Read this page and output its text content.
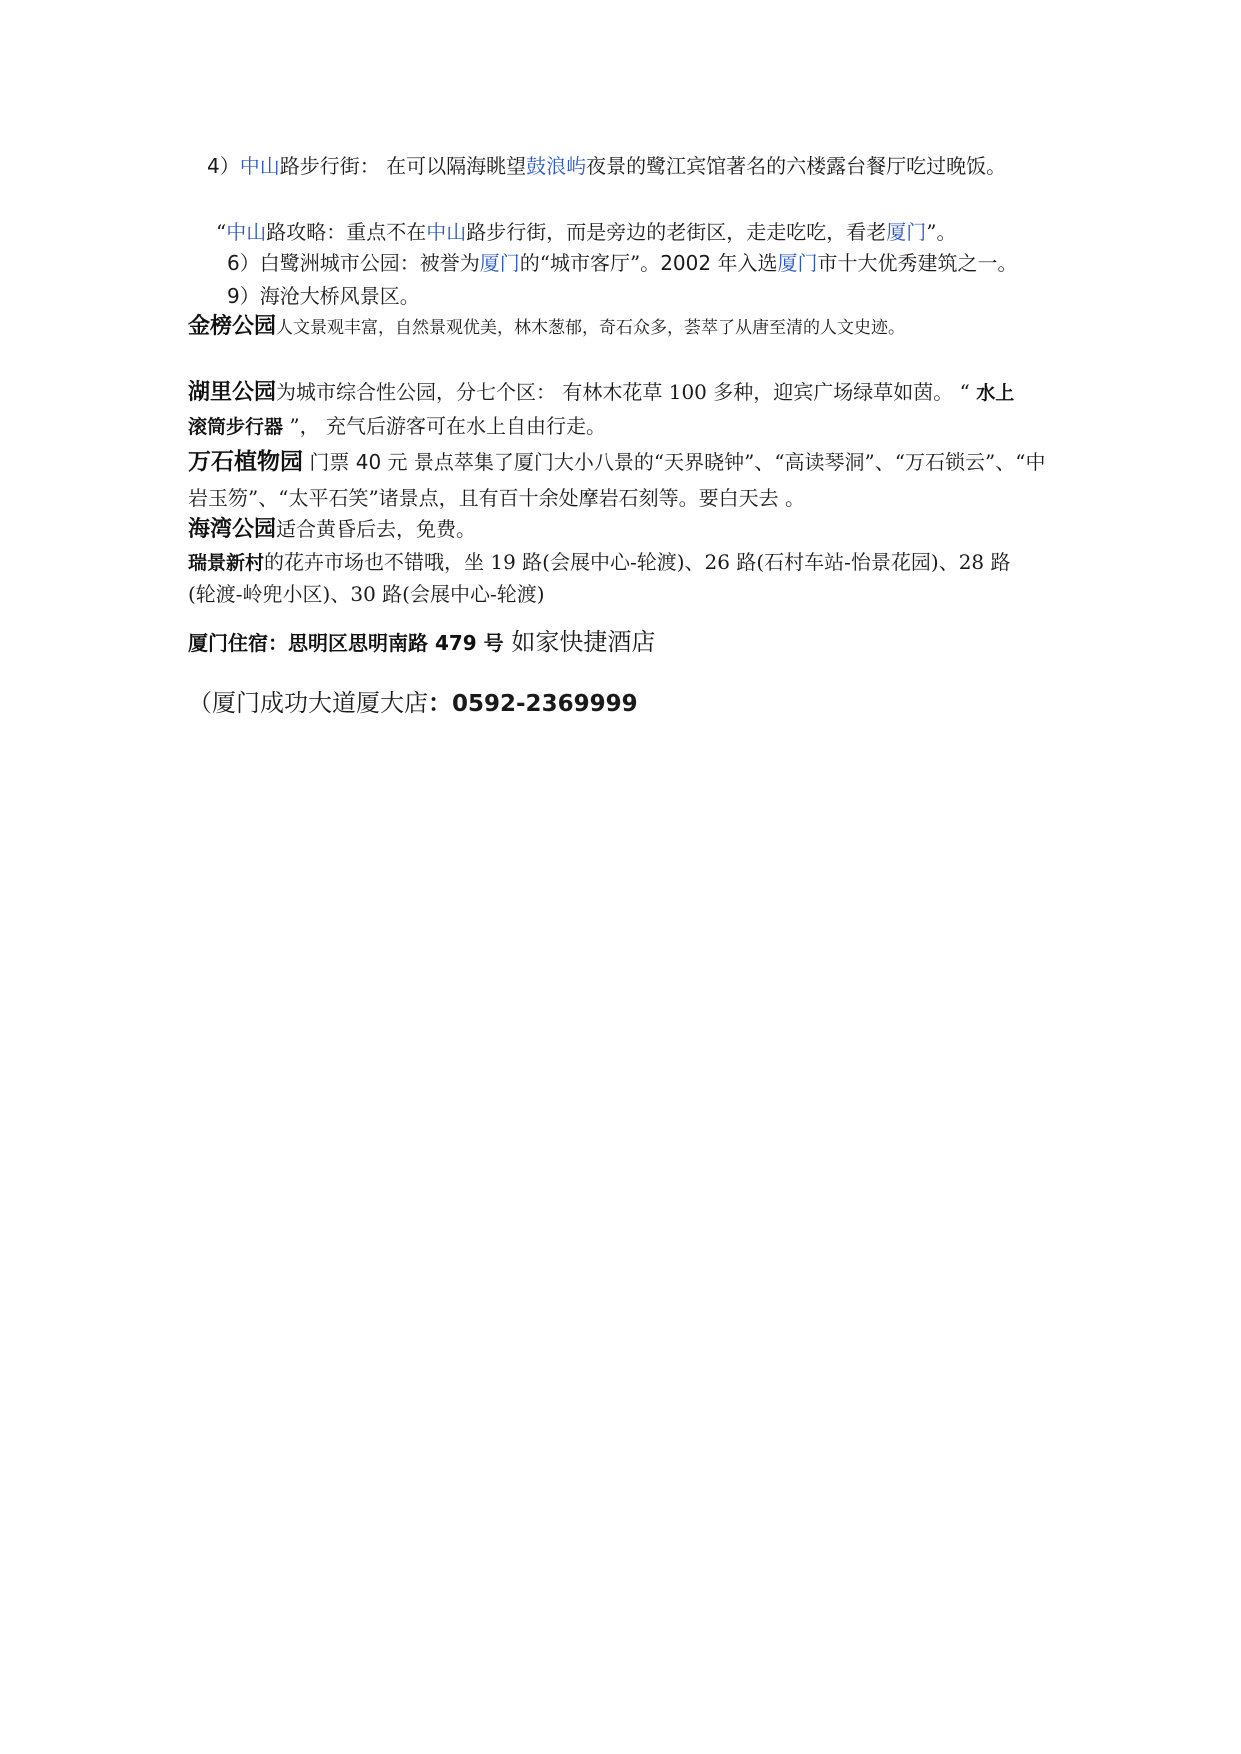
4）中山路步行街： 在可以隔海眺望鼓浪屿夜景的鹭江宾馆著名的六楼露台餐厅吃过晚饭。
“中山路攻略：重点不在中山路步行街，而是旁边的老街区，走走吃吃，看老厦门”。
6）白鹭洲城市公园：被誉为厦门的“城市客厅”。2002 年入选厦门市十大优秀建筑之一。
9）海沧大桥风景区。
金榜公园人文景观丰富，自然景观优美，林木葱郁，奇石众多，荟萃了从唐至清的人文史迹。
湖里公园为城市综合性公园，分七个区： 有林木花草 100 多种，迎宾广场绿草如茵。 “ 水上
滚筒步行器 ”， 充气后游客可在水上自由行走。
万石植物园 门票 40 元 景点萃集了厦门大小八景的“天界晓钟”、“高读琴洞”、“万石锁云”、“中
岩玉笏”、“太平石笑”诸景点，且有百十余处摩岩石刻等。要白天去 。
海湾公园适合黄昏后去，免费。
瑞景新村的花卉市场也不错哦，坐 19 路(会展中心-轮渡)、26 路(石村车站-怡景花园)、28 路
(轮渡-岭兜小区)、30 路(会展中心-轮渡)
厦门住宿：思明区思明南路 479 号 如家快捷酒店
（厦门成功大道厦大店：0592-2369999
